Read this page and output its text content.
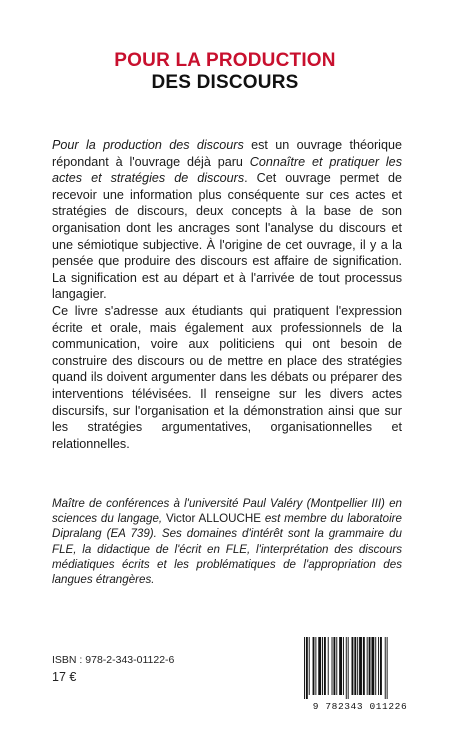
POUR LA PRODUCTION
DES DISCOURS

Pour la production des discours est un ouvrage théorique répondant à l'ouvrage déjà paru Connaître et pratiquer les actes et stratégies de discours. Cet ouvrage permet de recevoir une information plus conséquente sur ces actes et stratégies de discours, deux concepts à la base de son organisation dont les ancrages sont l'analyse du discours et une sémiotique subjective. À l'origine de cet ouvrage, il y a la pensée que produire des discours est affaire de signification. La signification est au départ et à l'arrivée de tout processus langagier.

Ce livre s'adresse aux étudiants qui pratiquent l'expression écrite et orale, mais également aux professionnels de la communication, voire aux politiciens qui ont besoin de construire des discours ou de mettre en place des stratégies quand ils doivent argumenter dans les débats ou préparer des interventions télévisées. Il renseigne sur les divers actes discursifs, sur l'organisation et la démonstration ainsi que sur les stratégies argumentatives, organisationnelles et relationnelles.

Maître de conférences à l'université Paul Valéry (Montpellier III) en sciences du langage, Victor ALLOUCHE est membre du laboratoire Dipralang (EA 739). Ses domaines d'intérêt sont la grammaire du FLE, la didactique de l'écrit en FLE, l'interprétation des discours médiatiques écrits et les problématiques de l'appropriation des langues étrangères.
ISBN : 978-2-343-01122-6
17 €
9 782343 011226
